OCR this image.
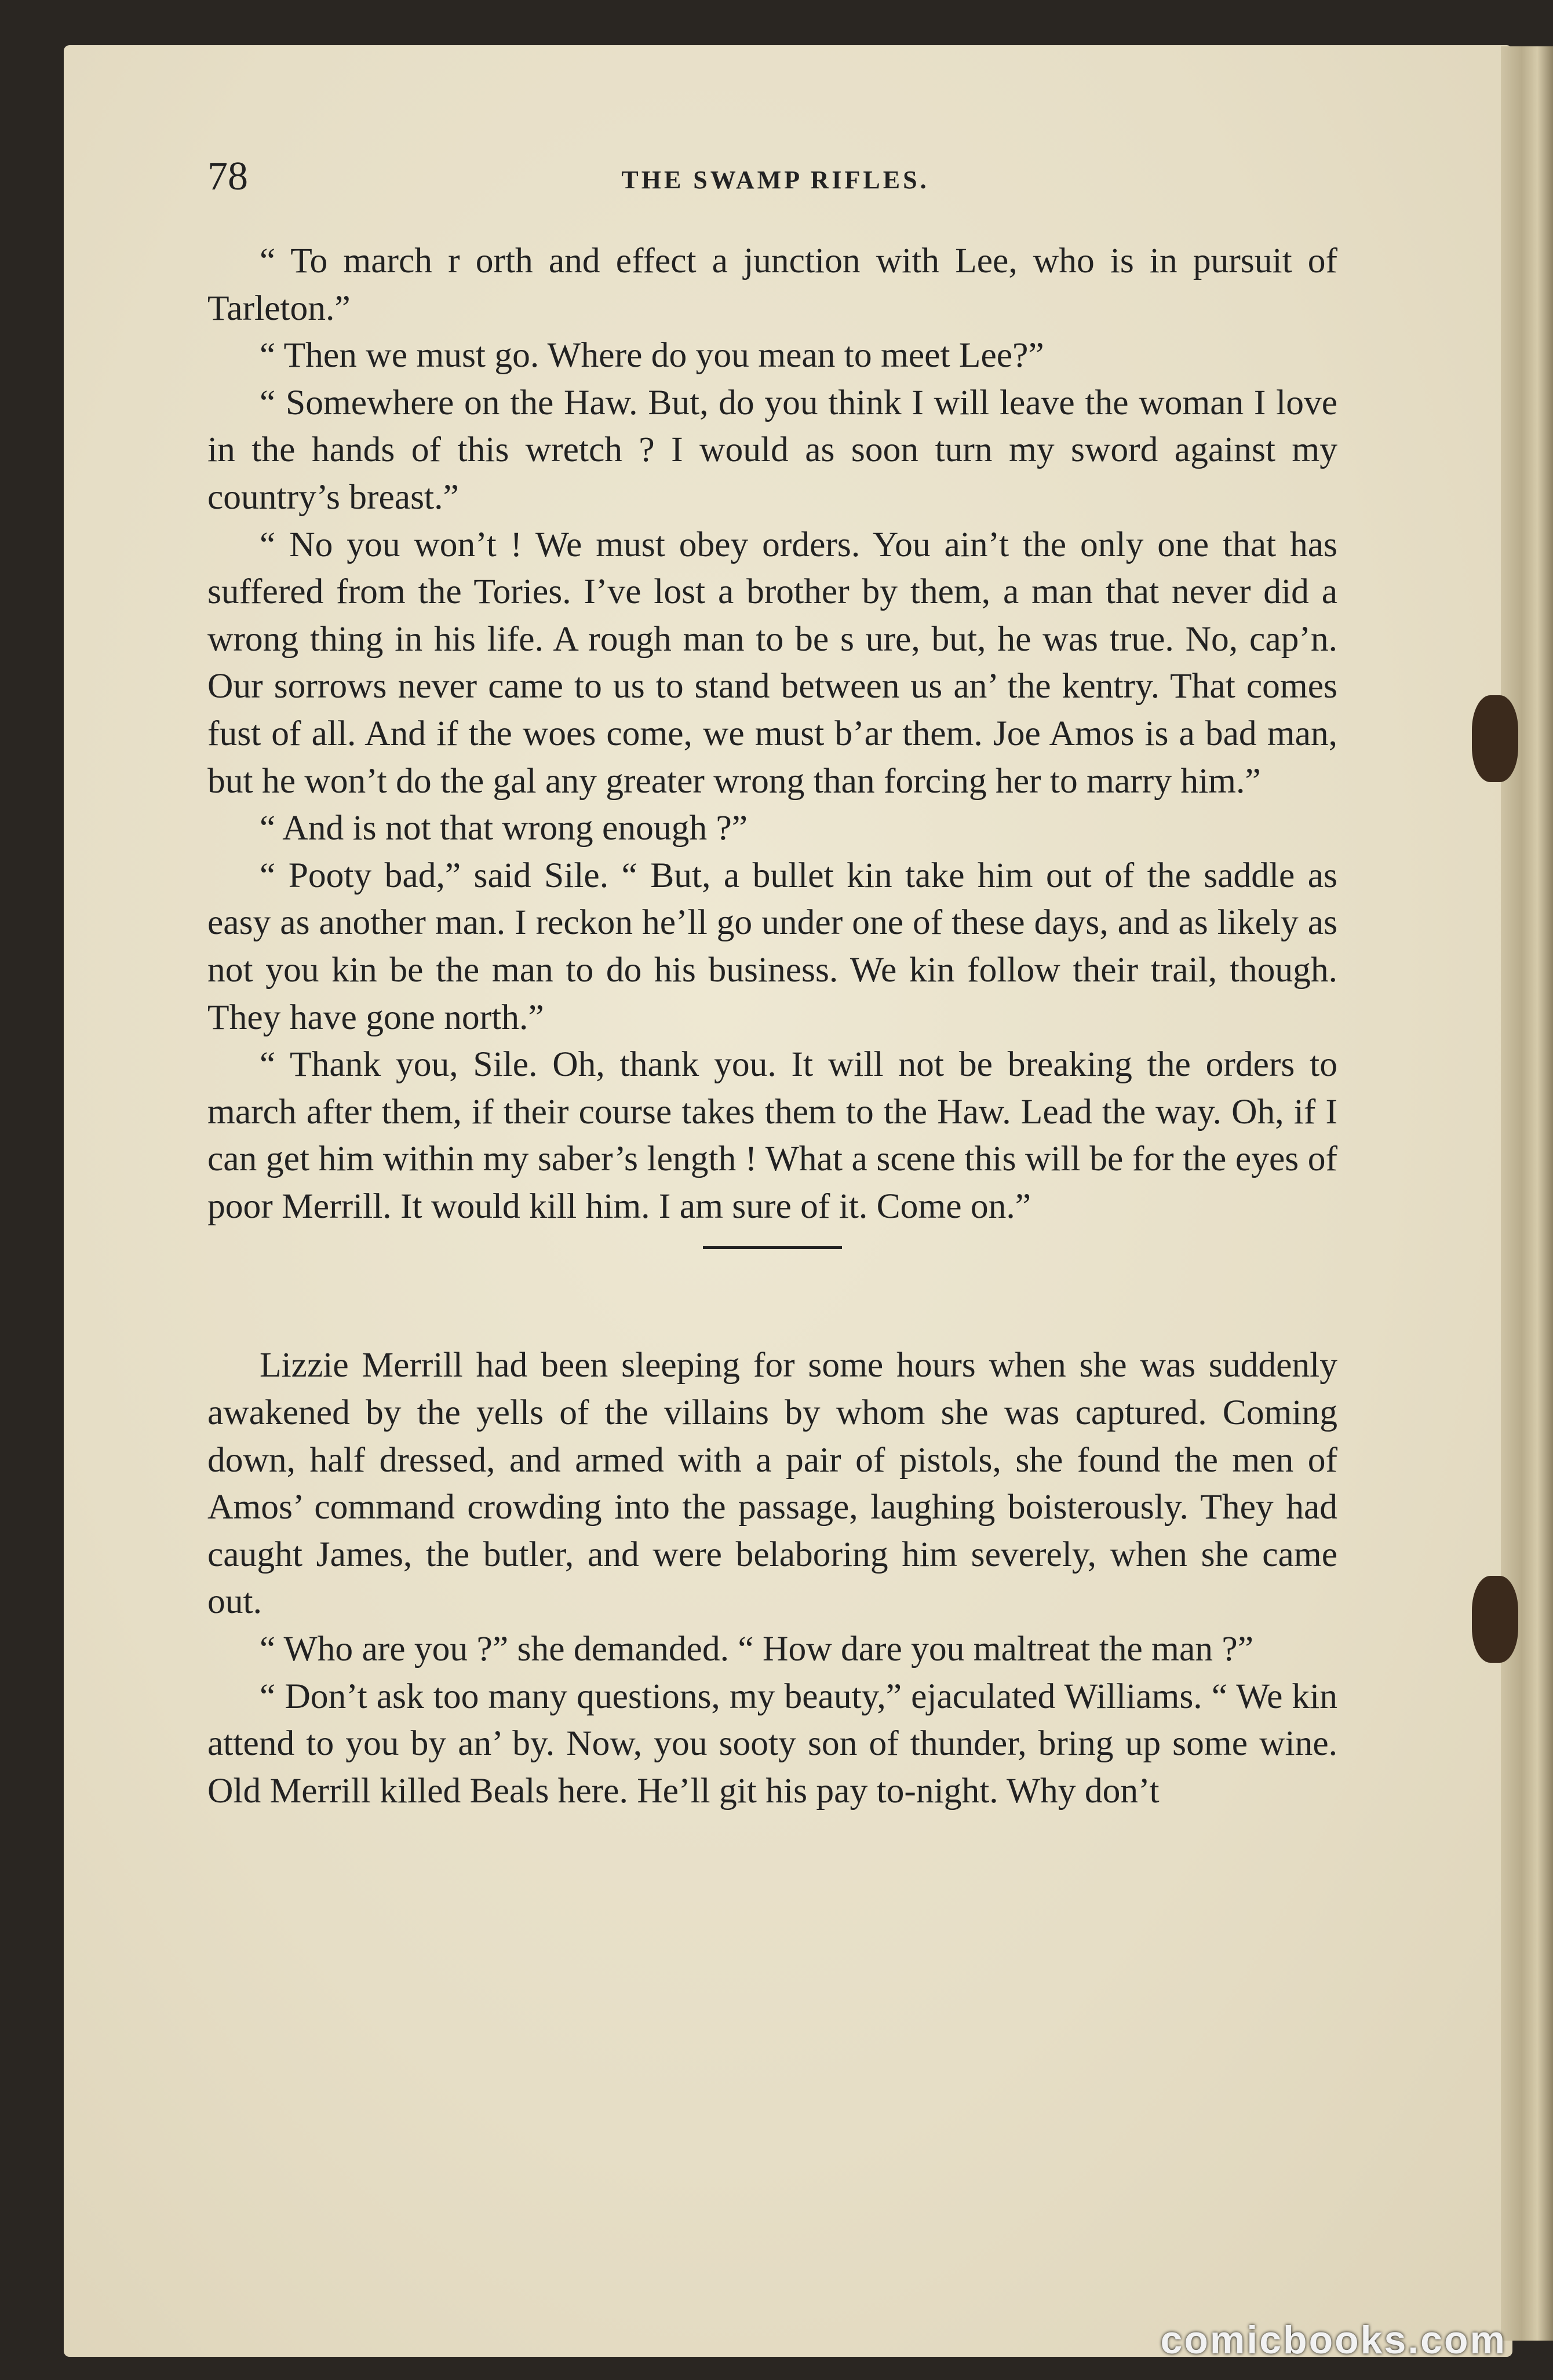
78	THE SWAMP RIFLES.

“ To march r orth and effect a junction with Lee, who is in pursuit of Tarleton.”

“ Then we must go. Where do you mean to meet Lee?”

“ Somewhere on the Haw. But, do you think I will leave the woman I love in the hands of this wretch ? I would as soon turn my sword against my country’s breast.”

“ No you won’t ! We must obey orders. You ain’t the only one that has suffered from the Tories. I’ve lost a brother by them, a man that never did a wrong thing in his life. A rough man to be s ure, but, he was true. No, cap’n. Our sorrows never came to us to stand between us an’ the kentry. That comes fust of all. And if the woes come, we must b’ar them. Joe Amos is a bad man, but he won’t do the gal any greater wrong than forcing her to marry him.”

“ And is not that wrong enough ?”

“ Pooty bad,” said Sile. “ But, a bullet kin take him out of the saddle as easy as another man. I reckon he’ll go under one of these days, and as likely as not you kin be the man to do his business. We kin follow their trail, though. They have gone north.”

“ Thank you, Sile. Oh, thank you. It will not be breaking the orders to march after them, if their course takes them to the Haw. Lead the way. Oh, if I can get him within my saber’s length ! What a scene this will be for the eyes of poor Merrill. It would kill him. I am sure of it. Come on.”

Lizzie Merrill had been sleeping for some hours when she was suddenly awakened by the yells of the villains by whom she was captured. Coming down, half dressed, and armed with a pair of pistols, she found the men of Amos’ command crowding into the passage, laughing boisterously. They had caught James, the butler, and were belaboring him severely, when she came out.

“ Who are you ?” she demanded. “ How dare you maltreat the man ?”

“ Don’t ask too many questions, my beauty,” ejaculated Williams. “ We kin attend to you by an’ by. Now, you sooty son of thunder, bring up some wine. Old Merrill killed Beals here. He’ll git his pay to-night. Why don’t

comicbooks.com
